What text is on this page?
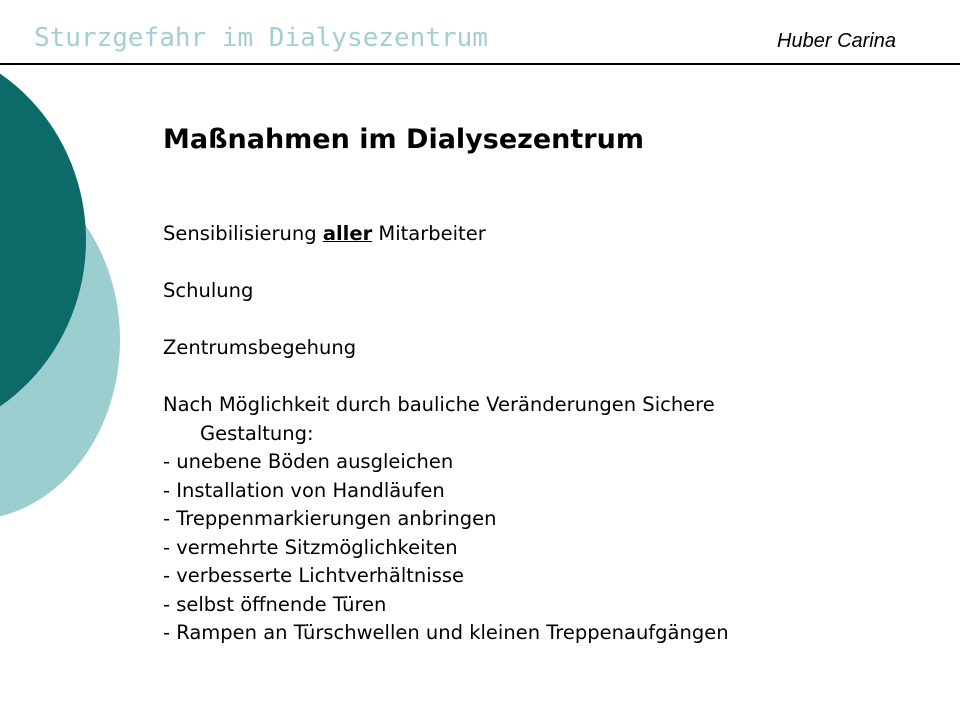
Sturzgefahr im Dialysezentrum	Huber Carina
Maßnahmen im Dialysezentrum

Sensibilisierung aller Mitarbeiter

Schulung

Zentrumsbegehung

Nach Möglichkeit durch bauliche Veränderungen Sichere

Gestaltung:

- unebene Böden ausgleichen
- Installation von Handläufen
- Treppenmarkierungen anbringen
- vermehrte Sitzmöglichkeiten
- verbesserte Lichtverhältnisse
- selbst öffnende Türen
- Rampen an Türschwellen und kleinen Treppenaufgängen
